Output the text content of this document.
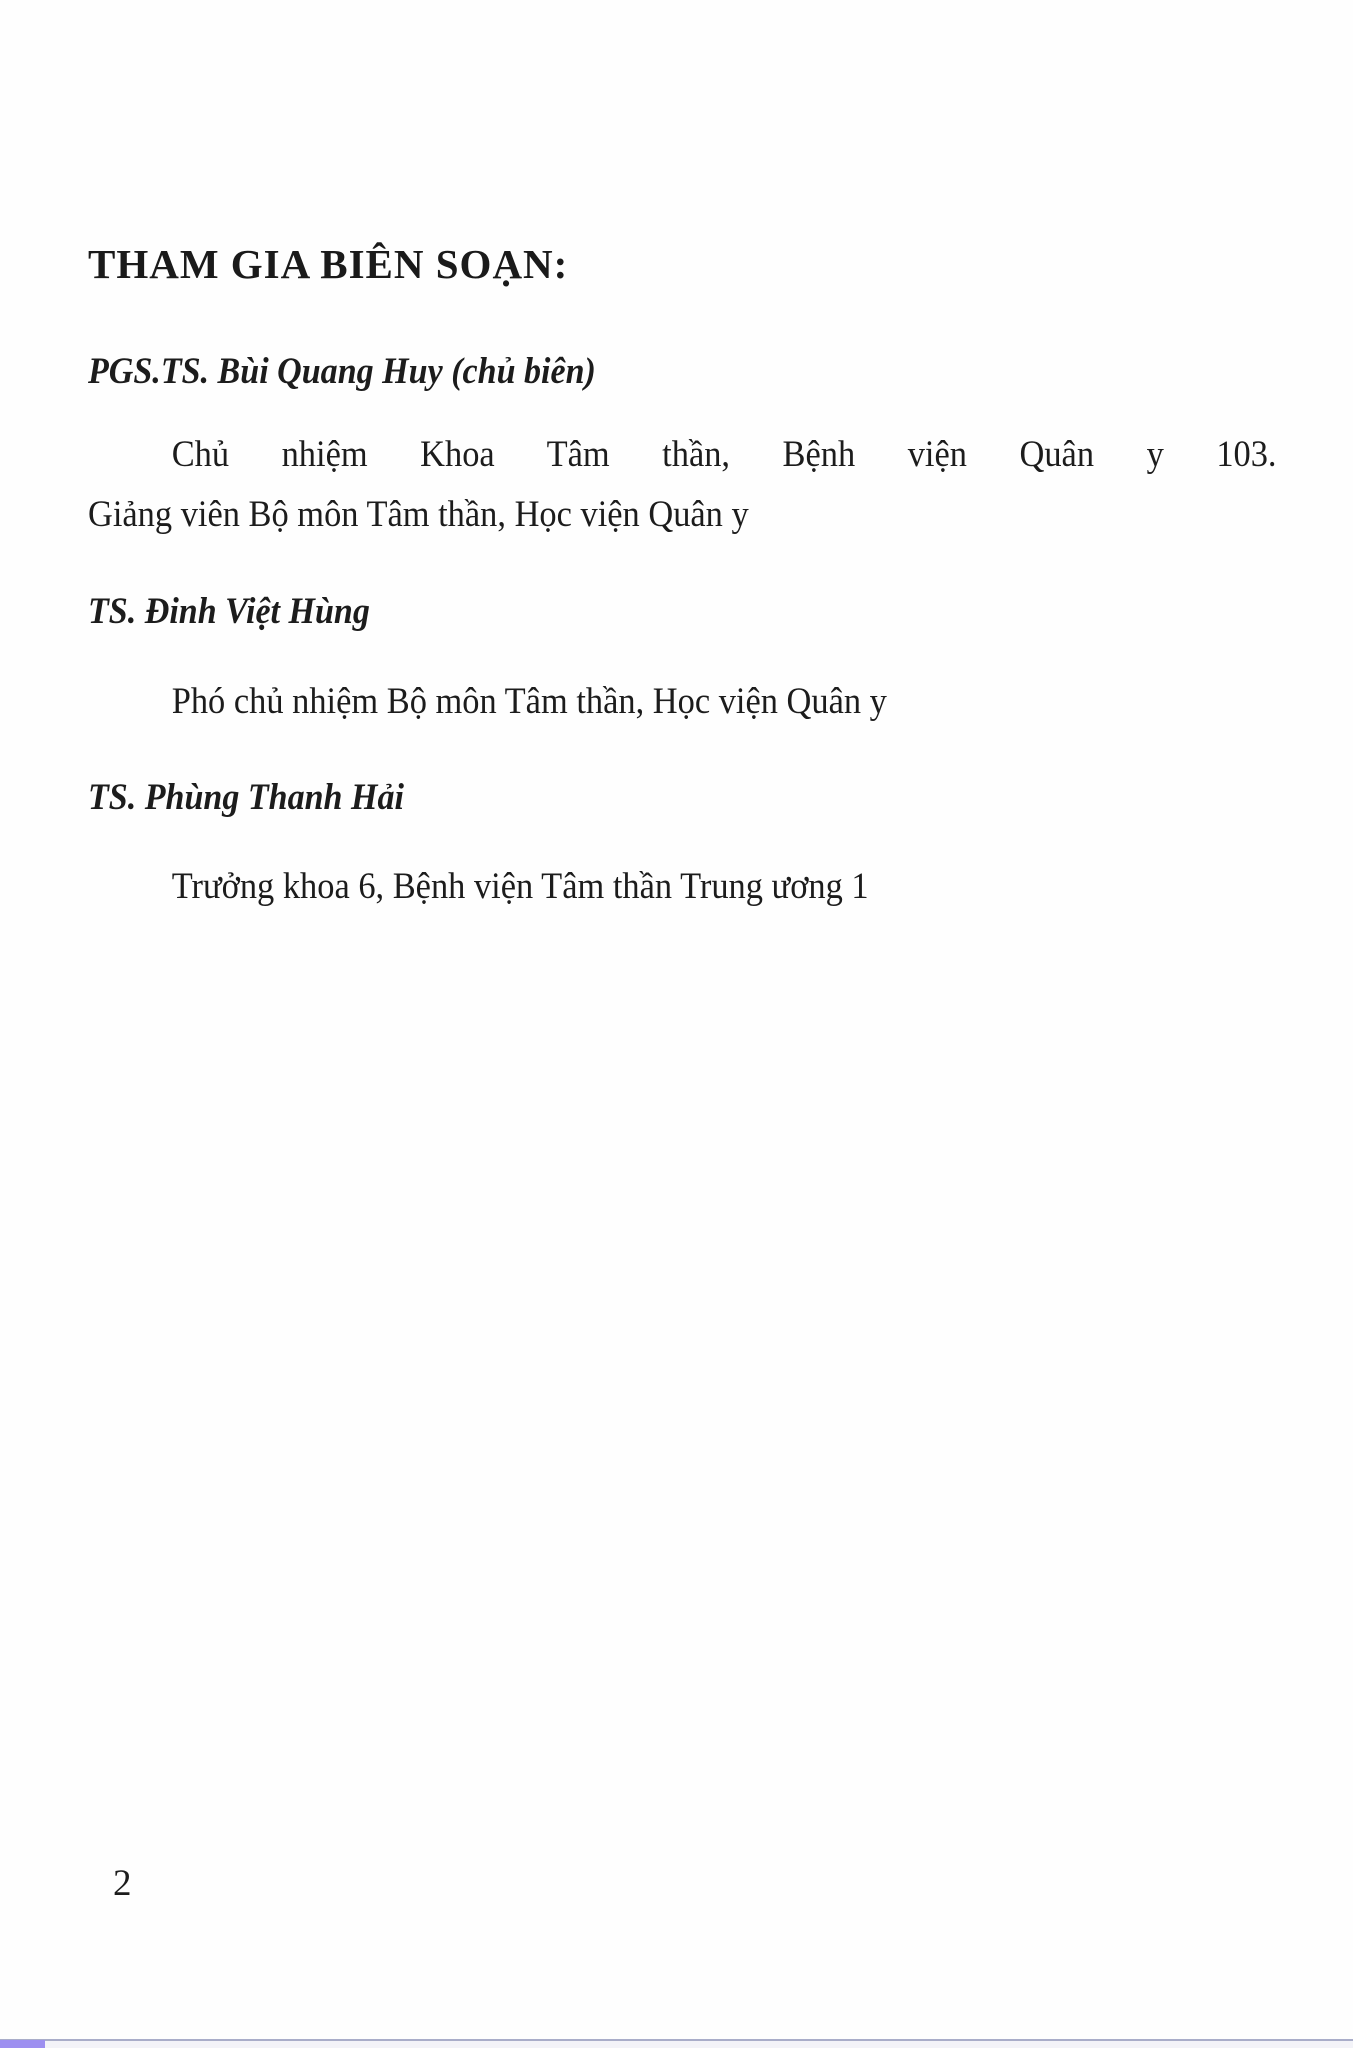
THAM GIA BIÊN SOẠN:
PGS.TS. Bùi Quang Huy (chủ biên)
Chủ nhiệm Khoa Tâm thần, Bệnh viện Quân y 103.
Giảng viên Bộ môn Tâm thần, Học viện Quân y
TS. Đinh Việt Hùng
Phó chủ nhiệm Bộ môn Tâm thần, Học viện Quân y
TS. Phùng Thanh Hải
Trưởng khoa 6, Bệnh viện Tâm thần Trung ương 1
2
